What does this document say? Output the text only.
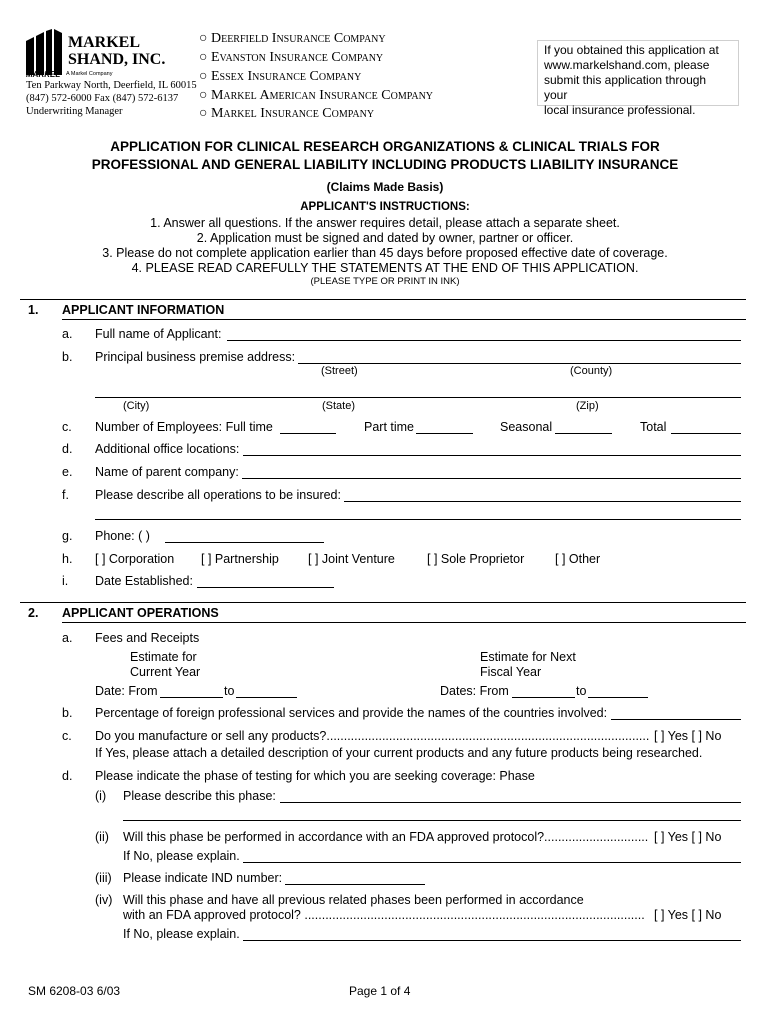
MARKEL
SHAND, INC.
MARKEL A Markel Company
Ten Parkway North, Deerfield, IL 60015
(847) 572-6000 Fax (847) 572-6137
Underwriting Manager
○ Deerfield Insurance Company
○ Evanston Insurance Company
○ Essex Insurance Company
○ Markel American Insurance Company
○ Markel Insurance Company
If you obtained this application at
www.markelshand.com, please
submit this application through your
local insurance professional.
APPLICATION FOR CLINICAL RESEARCH ORGANIZATIONS & CLINICAL TRIALS FOR
PROFESSIONAL AND GENERAL LIABILITY INCLUDING PRODUCTS LIABILITY INSURANCE
(Claims Made Basis)
APPLICANT'S INSTRUCTIONS:
1. Answer all questions. If the answer requires detail, please attach a separate sheet.
2. Application must be signed and dated by owner, partner or officer.
3. Please do not complete application earlier than 45 days before proposed effective date of coverage.
4. PLEASE READ CAREFULLY THE STATEMENTS AT THE END OF THIS APPLICATION.
(PLEASE TYPE OR PRINT IN INK)
1. APPLICANT INFORMATION
a. Full name of Applicant:
b. Principal business premise address:
(Street)	(County)
(City)	(State)	(Zip)
c. Number of Employees: Full time	Part time	Seasonal	Total
d. Additional office locations:
e. Name of parent company:
f. Please describe all operations to be insured:
g. Phone: ( )
h. [ ] Corporation [ ] Partnership [ ] Joint Venture	[ ] Sole Proprietor [ ] Other
i. Date Established:
2. APPLICANT OPERATIONS
a. Fees and Receipts
Estimate for
Current Year
Estimate for Next
Fiscal Year
Date: From	to	Dates: From	to
b. Percentage of foreign professional services and provide the names of the countries involved:
c. Do you manufacture or sell any products?............................................................................................. [ ] Yes [ ] No
If Yes, please attach a detailed description of your current products and any future products being researched.
d. Please indicate the phase of testing for which you are seeking coverage: Phase
(i) Please describe this phase:
(ii) Will this phase be performed in accordance with an FDA approved protocol?.............................. [ ] Yes [ ] No
If No, please explain.
(iii) Please indicate IND number:
(iv) Will this phase and have all previous related phases been performed in accordance
with an FDA approved protocol? .................................................................................................. [ ] Yes [ ] No
If No, please explain.
SM 6208-03 6/03	Page 1 of 4
